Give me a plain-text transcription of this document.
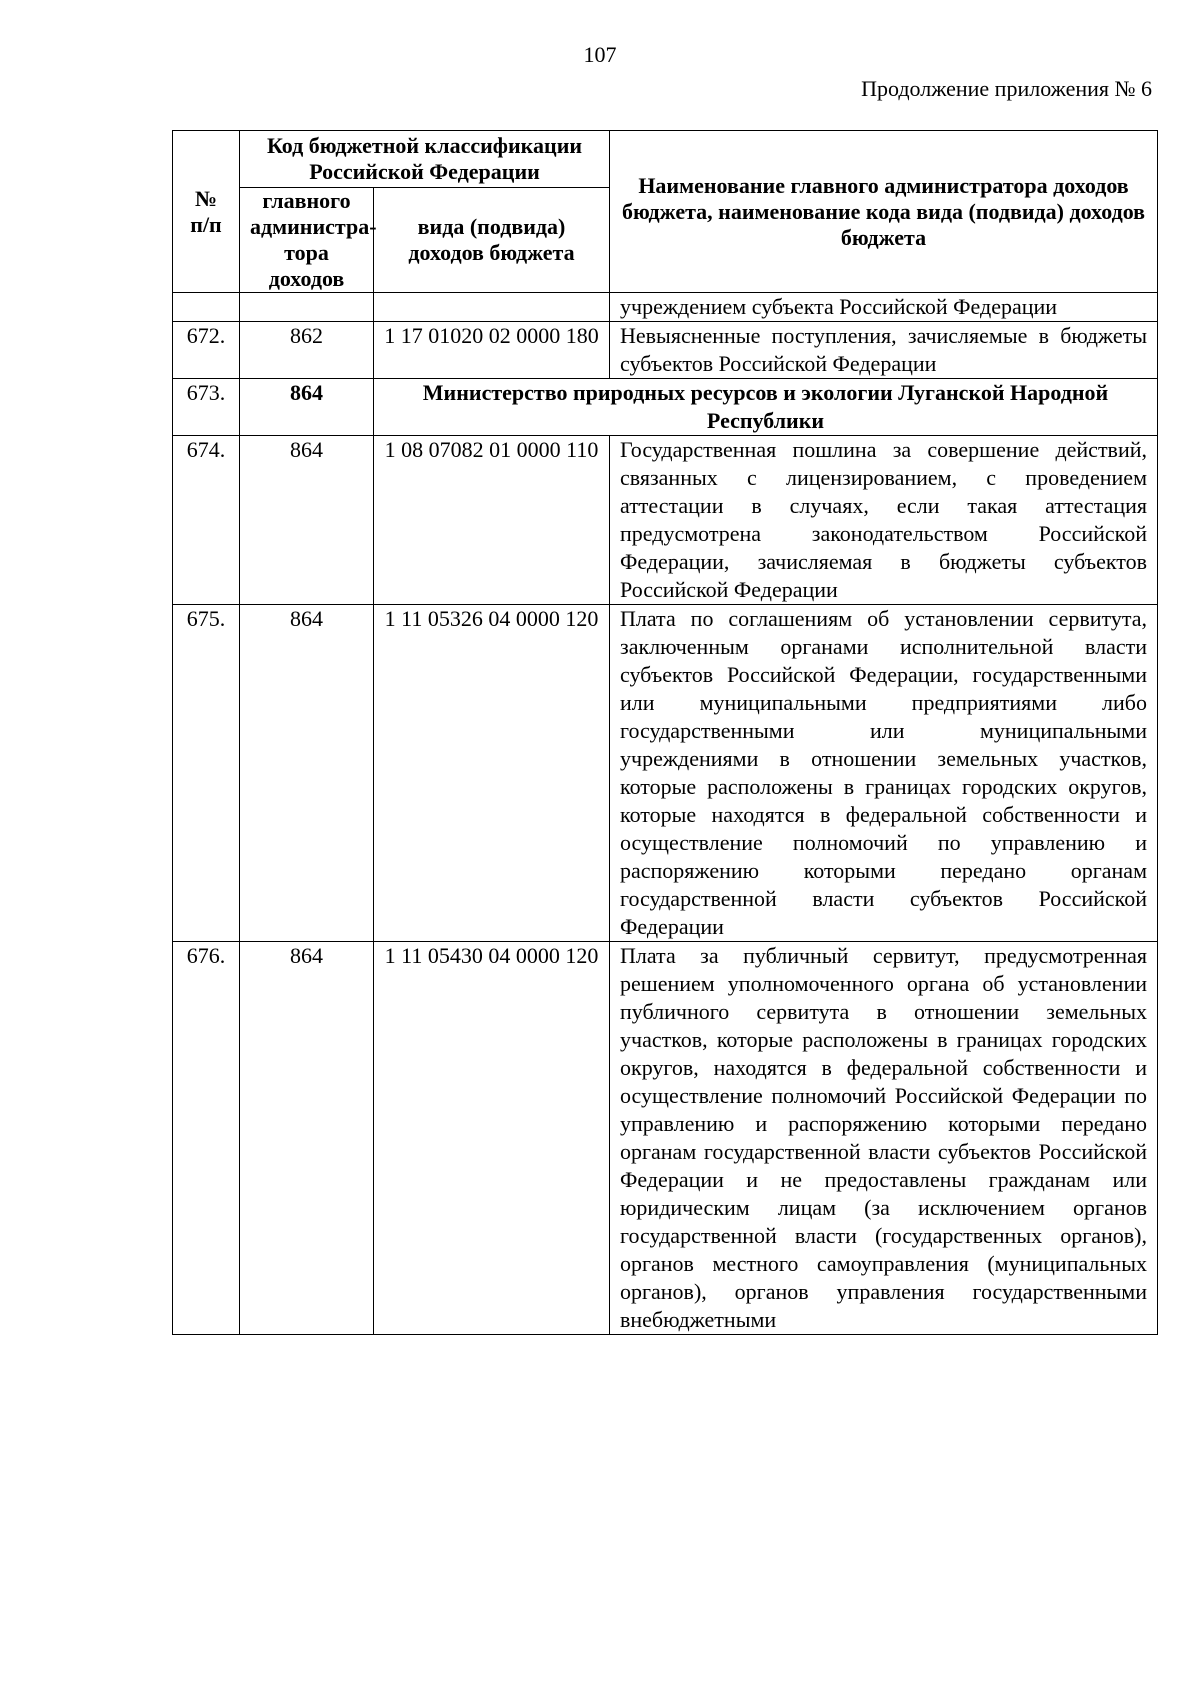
107
Продолжение приложения № 6
№ п/п	Код бюджетной классификации Российской Федерации		Наименование главного администратора доходов бюджета, наименование кода вида (подвида) доходов бюджета
	главного администра-тора доходов	вида (подвида) доходов бюджета	
			учреждением субъекта Российской Федерации
672.	862	1 17 01020 02 0000 180	Невыясненные поступления, зачисляемые в бюджеты субъектов Российской Федерации
673.	864	Министерство природных ресурсов и экологии Луганской Народной Республики	
674.	864	1 08 07082 01 0000 110	Государственная пошлина за совершение действий, связанных с лицензированием, с проведением аттестации в случаях, если такая аттестация предусмотрена законодательством Российской Федерации, зачисляемая в бюджеты субъектов Российской Федерации
675.	864	1 11 05326 04 0000 120	Плата по соглашениям об установлении сервитута, заключенным органами исполнительной власти субъектов Российской Федерации, государственными или муниципальными предприятиями либо государственными или муниципальными учреждениями в отношении земельных участков, которые расположены в границах городских округов, которые находятся в федеральной собственности и осуществление полномочий по управлению и распоряжению которыми передано органам государственной власти субъектов Российской Федерации
676.	864	1 11 05430 04 0000 120	Плата за публичный сервитут, предусмотренная решением уполномоченного органа об установлении публичного сервитута в отношении земельных участков, которые расположены в границах городских округов, находятся в федеральной собственности и осуществление полномочий Российской Федерации по управлению и распоряжению которыми передано органам государственной власти субъектов Российской Федерации и не предоставлены гражданам или юридическим лицам (за исключением органов государственной власти (государственных органов), органов местного самоуправления (муниципальных органов), органов управления государственными внебюджетными
